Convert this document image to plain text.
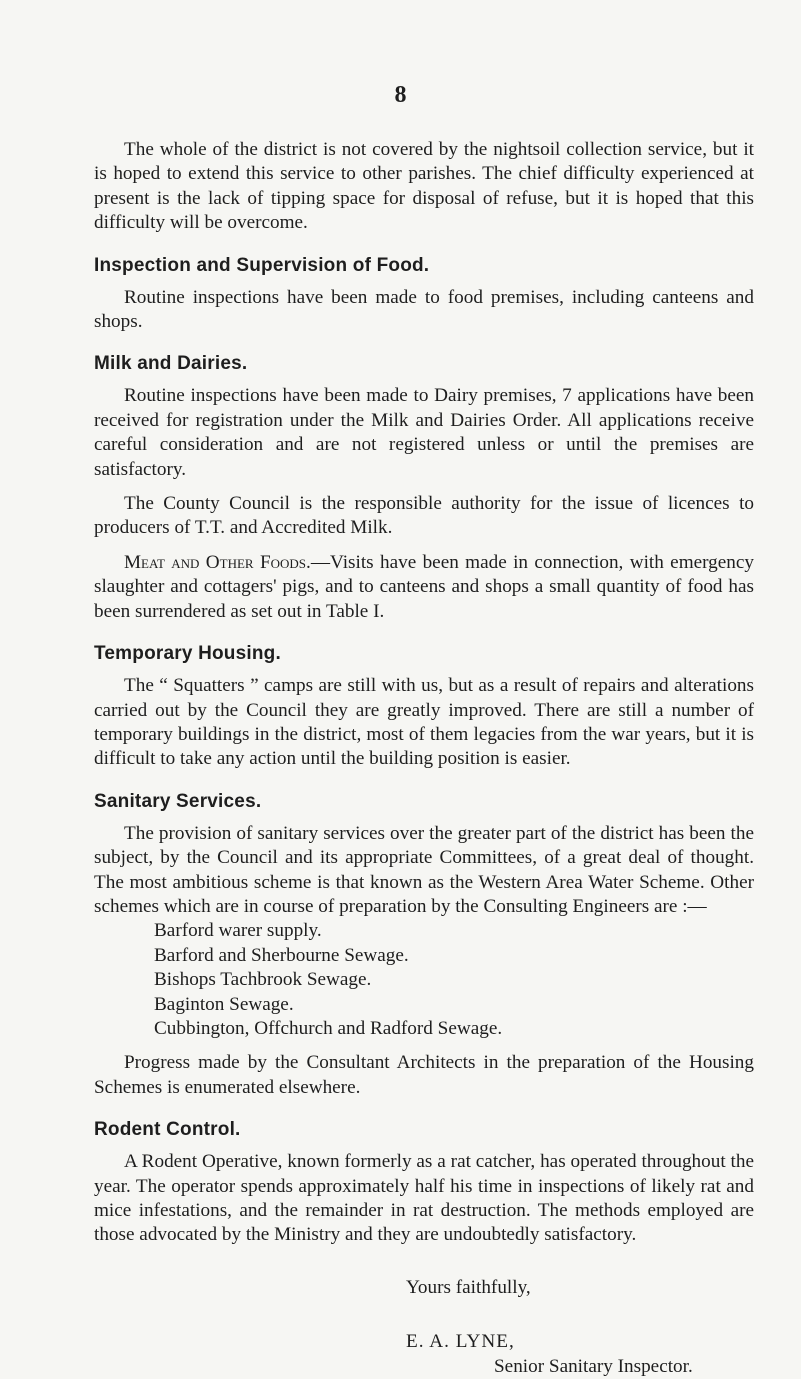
8

The whole of the district is not covered by the nightsoil collection service, but it is hoped to extend this service to other parishes. The chief difficulty experienced at present is the lack of tipping space for disposal of refuse, but it is hoped that this difficulty will be overcome.

Inspection and Supervision of Food.

Routine inspections have been made to food premises, including canteens and shops.

Milk and Dairies.

Routine inspections have been made to Dairy premises, 7 applications have been received for registration under the Milk and Dairies Order. All applications receive careful consideration and are not registered unless or until the premises are satisfactory.

The County Council is the responsible authority for the issue of licences to producers of T.T. and Accredited Milk.

Meat and Other Foods.—Visits have been made in connection, with emergency slaughter and cottagers' pigs, and to canteens and shops a small quantity of food has been surrendered as set out in Table I.

Temporary Housing.

The “ Squatters ” camps are still with us, but as a result of repairs and alterations carried out by the Council they are greatly improved. There are still a number of temporary buildings in the district, most of them legacies from the war years, but it is difficult to take any action until the building position is easier.

Sanitary Services.

The provision of sanitary services over the greater part of the district has been the subject, by the Council and its appropriate Committees, of a great deal of thought. The most ambitious scheme is that known as the Western Area Water Scheme. Other schemes which are in course of preparation by the Consulting Engineers are :—

Barford warer supply.
Barford and Sherbourne Sewage.
Bishops Tachbrook Sewage.
Baginton Sewage.
Cubbington, Offchurch and Radford Sewage.

Progress made by the Consultant Architects in the preparation of the Housing Schemes is enumerated elsewhere.

Rodent Control.

A Rodent Operative, known formerly as a rat catcher, has operated throughout the year. The operator spends approximately half his time in inspections of likely rat and mice infestations, and the remainder in rat destruction. The methods employed are those advocated by the Ministry and they are undoubtedly satisfactory.

Yours faithfully,
E. A. LYNE,
Senior Sanitary Inspector.
